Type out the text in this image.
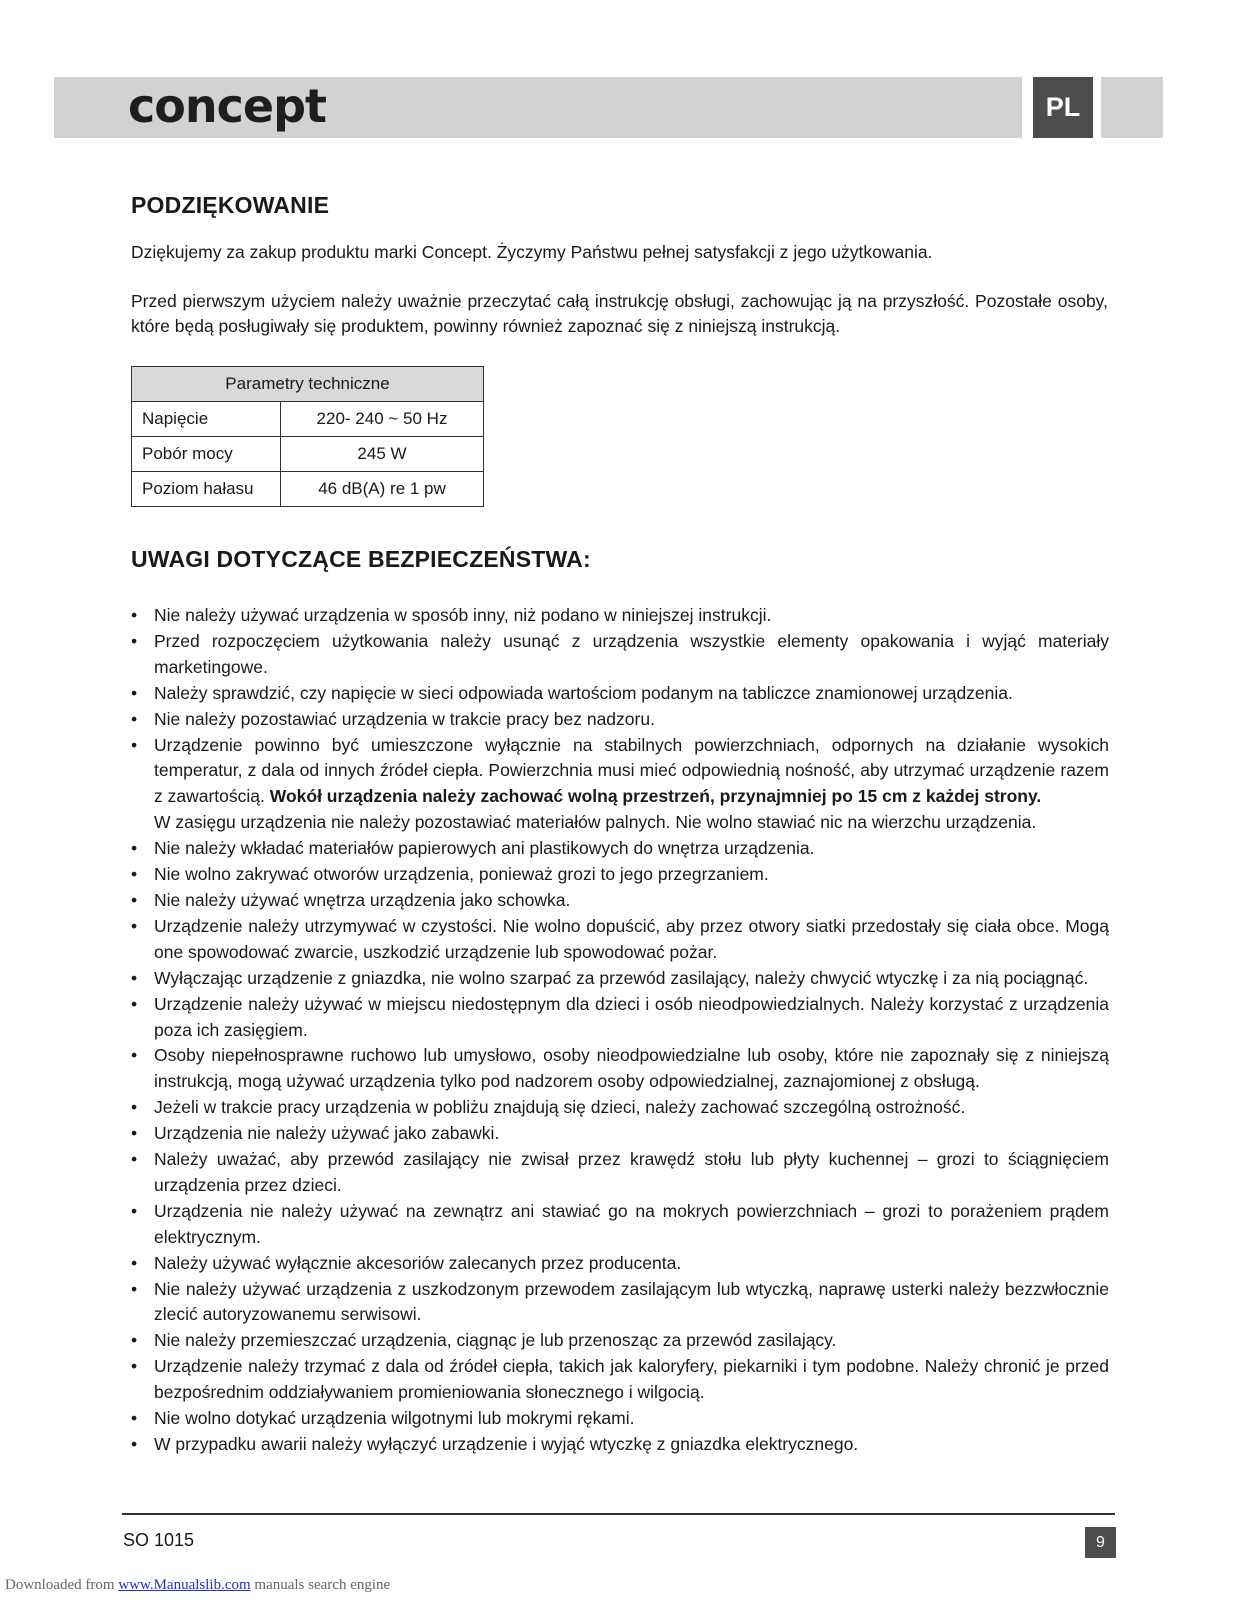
concept	PL
PODZIĘKOWANIE

Dziękujemy za zakup produktu marki Concept. Życzymy Państwu pełnej satysfakcji z jego użytkowania.

Przed pierwszym użyciem należy uważnie przeczytać całą instrukcję obsługi, zachowując ją na przyszłość. Pozostałe osoby, które będą posługiwały się produktem, powinny również zapoznać się z niniejszą instrukcją.

Parametry techniczne	
Napięcie	220- 240 ~ 50 Hz
Pobór mocy	245 W
Poziom hałasu	46 dB(A) re 1 pw
UWAGI DOTYCZĄCE BEZPIECZEŃSTWA:
• Nie należy używać urządzenia w sposób inny, niż podano w niniejszej instrukcji.
• Przed rozpoczęciem użytkowania należy usunąć z urządzenia wszystkie elementy opakowania i wyjąć materiały marketingowe.
• Należy sprawdzić, czy napięcie w sieci odpowiada wartościom podanym na tabliczce znamionowej urządzenia.
• Nie należy pozostawiać urządzenia w trakcie pracy bez nadzoru.
• Urządzenie powinno być umieszczone wyłącznie na stabilnych powierzchniach, odpornych na działanie wysokich temperatur, z dala od innych źródeł ciepła. Powierzchnia musi mieć odpowiednią nośność, aby utrzymać urządzenie razem z zawartością. Wokół urządzenia należy zachować wolną przestrzeń, przynajmniej po 15 cm z każdej strony.
W zasięgu urządzenia nie należy pozostawiać materiałów palnych. Nie wolno stawiać nic na wierzchu urządzenia.
• Nie należy wkładać materiałów papierowych ani plastikowych do wnętrza urządzenia.
• Nie wolno zakrywać otworów urządzenia, ponieważ grozi to jego przegrzaniem.
• Nie należy używać wnętrza urządzenia jako schowka.
• Urządzenie należy utrzymywać w czystości. Nie wolno dopuścić, aby przez otwory siatki przedostały się ciała obce. Mogą one spowodować zwarcie, uszkodzić urządzenie lub spowodować pożar.
• Wyłączając urządzenie z gniazdka, nie wolno szarpać za przewód zasilający, należy chwycić wtyczkę i za nią pociągnąć.
• Urządzenie należy używać w miejscu niedostępnym dla dzieci i osób nieodpowiedzialnych. Należy korzystać z urządzenia poza ich zasięgiem.
• Osoby niepełnosprawne ruchowo lub umysłowo, osoby nieodpowiedzialne lub osoby, które nie zapoznały się z niniejszą instrukcją, mogą używać urządzenia tylko pod nadzorem osoby odpowiedzialnej, zaznajomionej z obsługą.
• Jeżeli w trakcie pracy urządzenia w pobliżu znajdują się dzieci, należy zachować szczególną ostrożność.
• Urządzenia nie należy używać jako zabawki.
• Należy uważać, aby przewód zasilający nie zwisał przez krawędź stołu lub płyty kuchennej – grozi to ściągnięciem urządzenia przez dzieci.
• Urządzenia nie należy używać na zewnątrz ani stawiać go na mokrych powierzchniach – grozi to porażeniem prądem elektrycznym.
• Należy używać wyłącznie akcesoriów zalecanych przez producenta.
• Nie należy używać urządzenia z uszkodzonym przewodem zasilającym lub wtyczką, naprawę usterki należy bezzwłocznie zlecić autoryzowanemu serwisowi.
• Nie należy przemieszczać urządzenia, ciągnąc je lub przenosząc za przewód zasilający.
• Urządzenie należy trzymać z dala od źródeł ciepła, takich jak kaloryfery, piekarniki i tym podobne. Należy chronić je przed bezpośrednim oddziaływaniem promieniowania słonecznego i wilgocią.
• Nie wolno dotykać urządzenia wilgotnymi lub mokrymi rękami.
• W przypadku awarii należy wyłączyć urządzenie i wyjąć wtyczkę z gniazdka elektrycznego.
SO 1015	9
Downloaded from www.Manualslib.com manuals search engine
